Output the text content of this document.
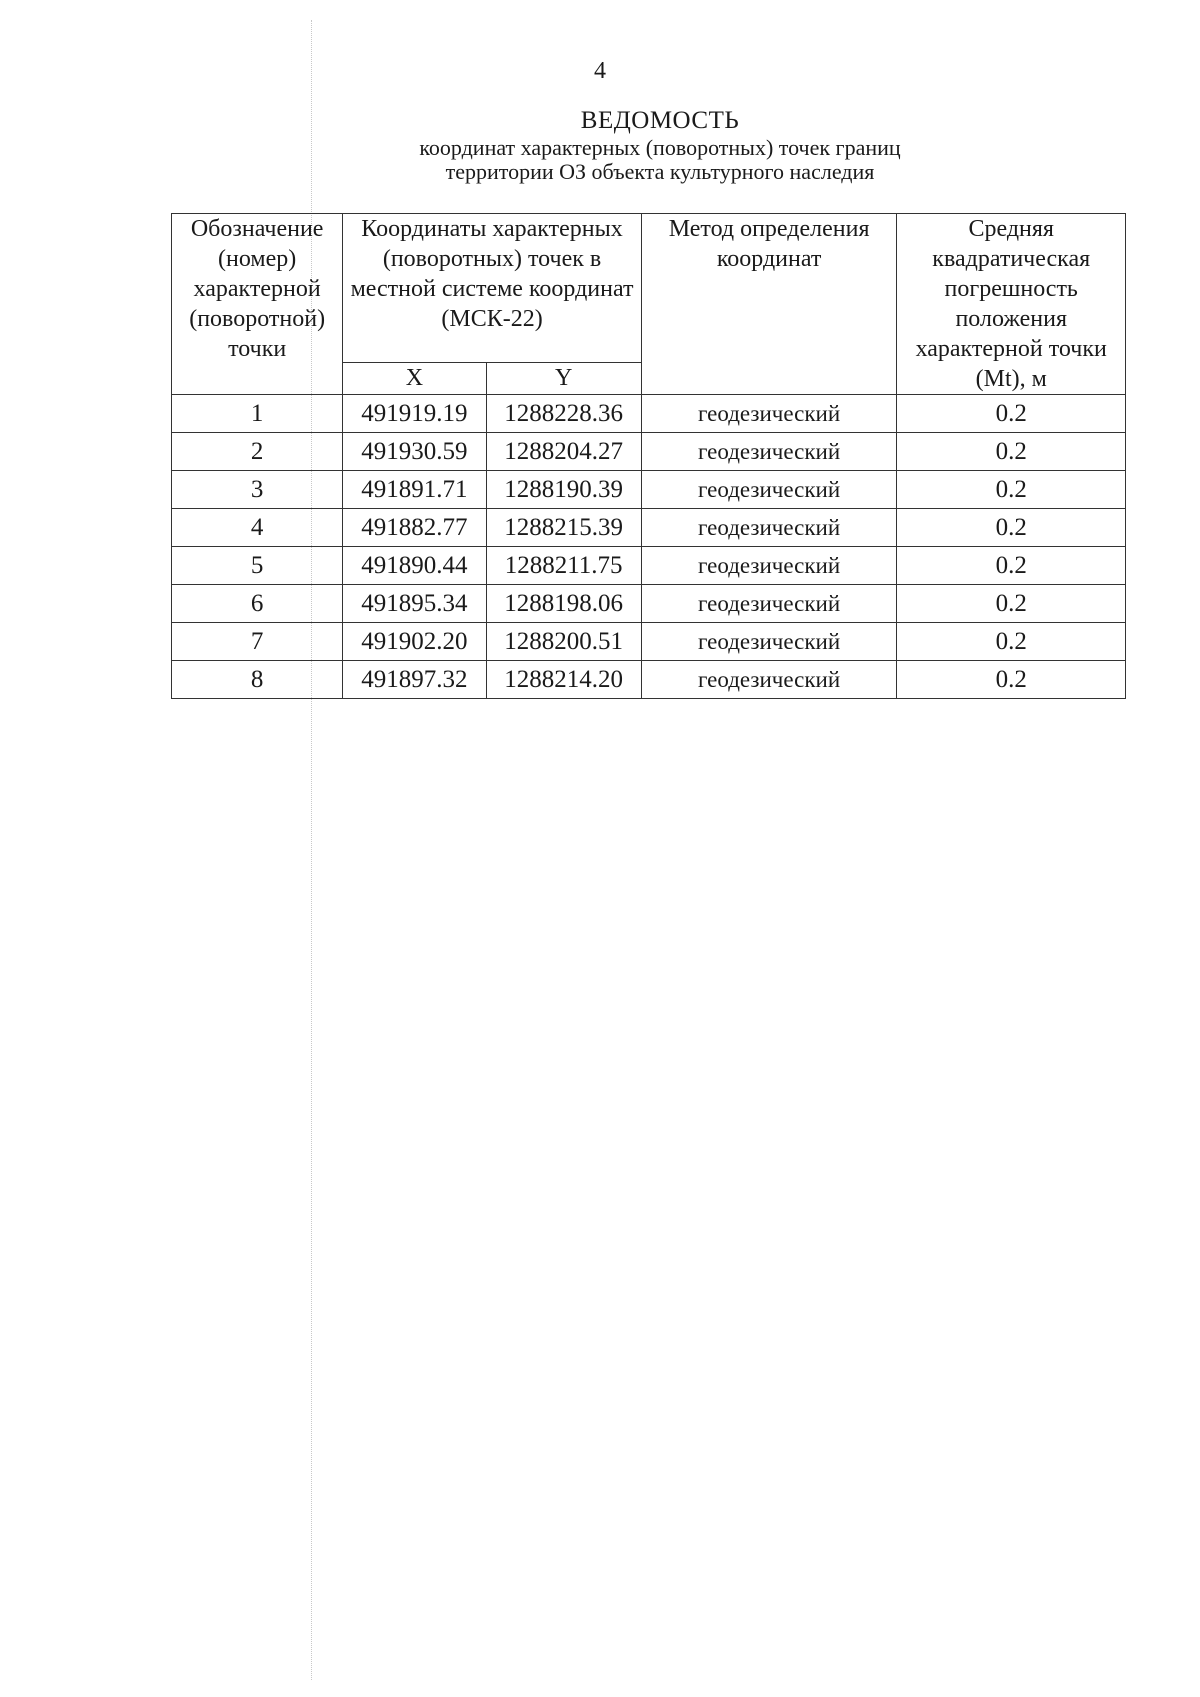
4
ВЕДОМОСТЬ
координат характерных (поворотных) точек границ
территории ОЗ объекта культурного наследия
Обозначение (номер) характерной (поворотной) точки	Координаты характерных (поворотных) точек в местной системе координат (МСК-22)		Метод определения координат	Средняя квадратическая погрешность положения характерной точки (Mt), м
	X	Y		
1	491919.19	1288228.36	геодезический	0.2
2	491930.59	1288204.27	геодезический	0.2
3	491891.71	1288190.39	геодезический	0.2
4	491882.77	1288215.39	геодезический	0.2
5	491890.44	1288211.75	геодезический	0.2
6	491895.34	1288198.06	геодезический	0.2
7	491902.20	1288200.51	геодезический	0.2
8	491897.32	1288214.20	геодезический	0.2
